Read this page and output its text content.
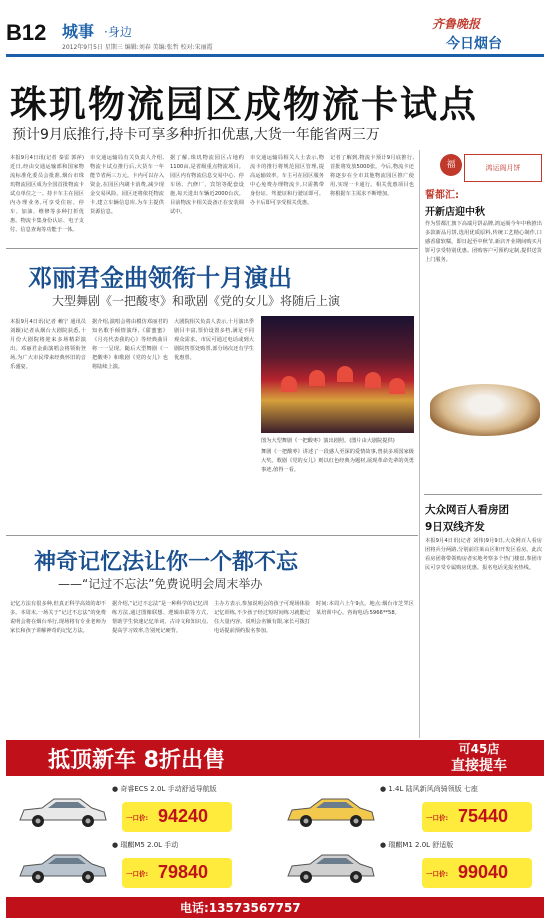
B12 城事 ·身边
2012年9月5日 星期三 编辑:刘春 美编:张哲 校对:宋丽霞
齐鲁晚报
今日烟台
珠玑物流园区成物流卡试点
预计9月底推行,持卡可享多种折扣优惠,大货一年能省两三万
本报9月4日讯(记者 秦雷 郭萍)近日,经由交通运输部和国家物流标准化委员会批准,烟台市珠玑物流园区成为全国首批物流卡试点单位之一。持卡车主在园区内办理业务,可享受住宿、停车、加油、维修等多种打折优惠。物流卡集身份认证、电子支付、信息查询等功能于一体。
市交通运输局有关负责人介绍,物流卡试点推行后,大货车一年能节省两三万元。卡内可以存入资金,在园区内刷卡消费,减少现金交易风险。园区还将依托物流卡,建立车辆信息库,为车主提供货源信息。
据了解,珠玑物流园区占地约1100亩,是省级重点物流项目。园区内有物流信息交易中心、停车场、汽修厂、宾馆等配套设施,每天进出车辆近2000台次。目前物流卡相关设备正在安装调试中。
市交通运输局相关人士表示,物流卡的推行将规范园区管理,提高运输效率。车主可在园区服务中心免费办理物流卡,只需携带身份证、驾驶证和行驶证即可。办卡后即可享受相关优惠。
记者了解到,物流卡预计9月底推行,首批将发放5000张。今后,物流卡还将逐步在全市其他物流园区推广使用,实现一卡通行。相关优惠项目也将根据车主需求不断增加。
福	鸿运阁月饼
誓都汇:
开新店迎中秋
作为誓都汇旗下高端月饼品牌,鸿运阁今年中秋推出多款新品月饼,选用优质原料,传统工艺精心制作,口感香甜软糯。即日起至中秋节,新店开业期间购买月饼可享受特别优惠。团购客户可预约定制,提供送货上门服务。
大众网百人看房团
9日双线齐发
本报9月4日讯(记者 刘伟)9月9日,大众网百人看房团将兵分两路,分别前往莱山区和开发区看房。此次看房团将带领购房者实地考察多个热门楼盘,参团市民可享受专属购房优惠。报名电话见报名热线。
邓丽君金曲领衔十月演出
大型舞剧《一把酸枣》和歌剧《党的女儿》将随后上演
本报9月4日讯(记者 赖宁 通讯员 刘颖)记者从烟台大剧院获悉,十月份大剧院将迎来多场精彩演出。邓丽君金曲演唱会将领衔登场,为广大市民带来经典怀旧的音乐盛宴。
据介绍,演唱会将由模仿邓丽君的知名歌手倾情演绎,《甜蜜蜜》《月亮代表我的心》等经典曲目将一一呈现。随后大型舞剧《一把酸枣》和歌剧《党的女儿》也将陆续上演。
大剧院相关负责人表示,十月演出季剧目丰富,票价设置多档,满足不同观众需求。市民可通过电话或到大剧院售票处购票,部分场次还有学生优惠票。
图为大型舞剧《一把酸枣》演出剧照。(图片由大剧院提供)
舞剧《一把酸枣》讲述了一段感人至深的爱情故事,曾获多项国家级大奖。歌剧《党的女儿》则以红色经典为题材,展现革命先辈的英勇事迹,值得一看。
神奇记忆法让你一个都不忘
——“记过不忘法”免费说明会周末举办
记忆方法有很多种,但真正科学高效的却不多。本周末,一场关于“记过不忘法”的免费说明会将在烟台举行,现场将有专业老师为家长和孩子讲解神奇的记忆方法。
据介绍,“记过不忘法”是一种科学的记忆训练方法,通过图像联想、逻辑串联等方式,帮助学生快速记忆单词、古诗文和知识点,提高学习效率,告别死记硬背。
主办方表示,参加说明会的孩子可现场体验记忆训练,不少孩子经过短时间练习就能记住大量内容。说明会名额有限,家长可拨打电话提前预约报名参加。
时间:本周六上午9点。地点:烟台市芝罘区某培训中心。咨询电话:5966**58。
抵顶新车 8折出售	可45店
直接提车
● 奇睿ECS 2.0L 手动舒适导航版
一口价: 94240
● 1.4L 陆风新风尚骑领版 七座
一口价: 75440
● 瑞麒M5 2.0L 手动
一口价: 79840
● 瑞麒M1 2.0L 舒适版
一口价: 99040
电话:13573567757
